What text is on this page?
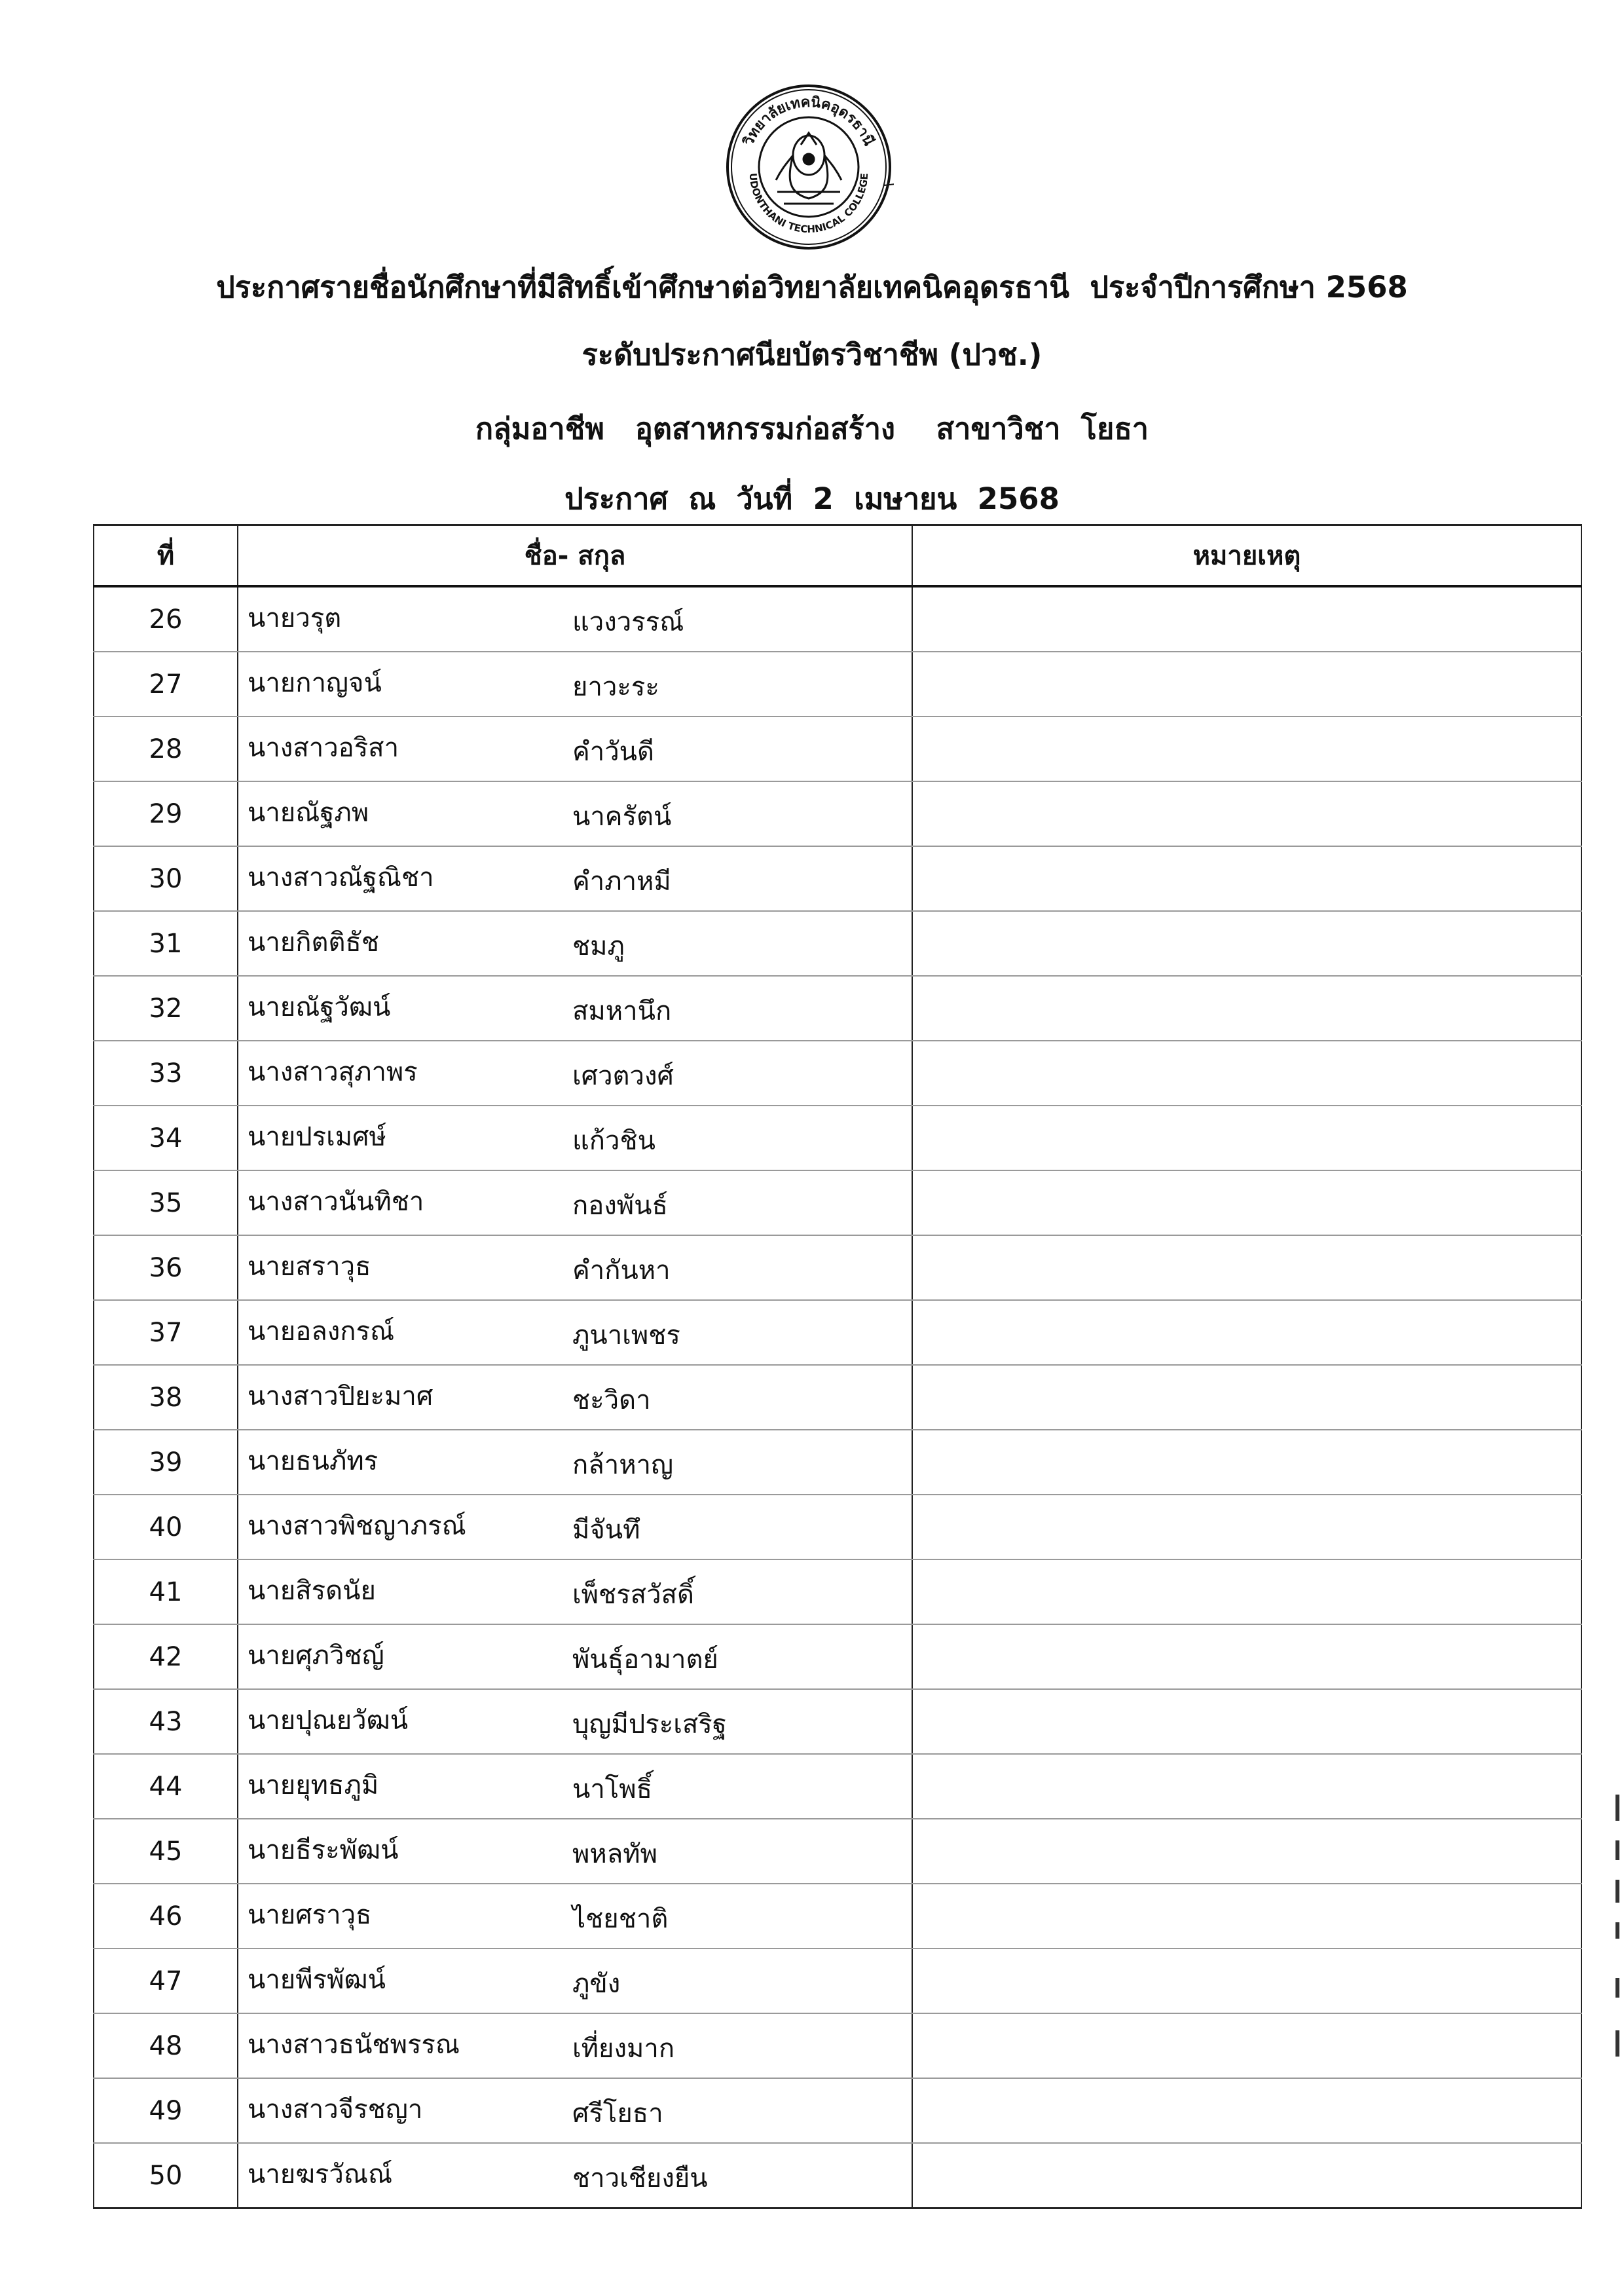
วิทยาลัยเทคนิคอุดรธานี
UDONTHANI TECHNICAL COLLEGE
ประกาศรายชื่อนักศึกษาที่มีสิทธิ์เข้าศึกษาต่อวิทยาลัยเทคนิคอุดรธานี  ประจำปีการศึกษา 2568
ระดับประกาศนียบัตรวิชาชีพ (ปวช.)
กลุ่มอาชีพ   อุตสาหกรรมก่อสร้าง    สาขาวิชา  โยธา
ประกาศ  ณ  วันที่  2  เมษายน  2568
ที่	ชื่อ- สกุล	หมายเหตุ
26	นายวรุต แวงวรรณ์	

27	นายกาญจน์ ยาวะระ	

28	นางสาวอริสา คำวันดี	

29	นายณัฐภพ นาครัตน์	

30	นางสาวณัฐณิชา คำภาหมี	

31	นายกิตติธัช ชมภู	

32	นายณัฐวัฒน์ สมหานึก	

33	นางสาวสุภาพร เศวตวงศ์	

34	นายปรเมศษ์ แก้วชิน	

35	นางสาวนันทิชา กองพันธ์	

36	นายสราวุธ คำกันหา	

37	นายอลงกรณ์ ภูนาเพชร	

38	นางสาวปิยะมาศ ชะวิดา	

39	นายธนภัทร กล้าหาญ	

40	นางสาวพิชญาภรณ์ มีจันทึ	

41	นายสิรดนัย เพ็ชรสวัสดิ์	

42	นายศุภวิชญ์ พันธุ์อามาตย์	

43	นายปุณยวัฒน์ บุญมีประเสริฐ	

44	นายยุทธภูมิ นาโพธิ์	

45	นายธีระพัฒน์ พหลทัพ	

46	นายศราวุธ ไชยชาติ	

47	นายพีรพัฒน์ ภูขัง	

48	นางสาวธนัชพรรณ เที่ยงมาก	

49	นางสาวจีรชญา ศรีโยธา	

50	นายฆรวัณณ์ ชาวเชียงยืน	
